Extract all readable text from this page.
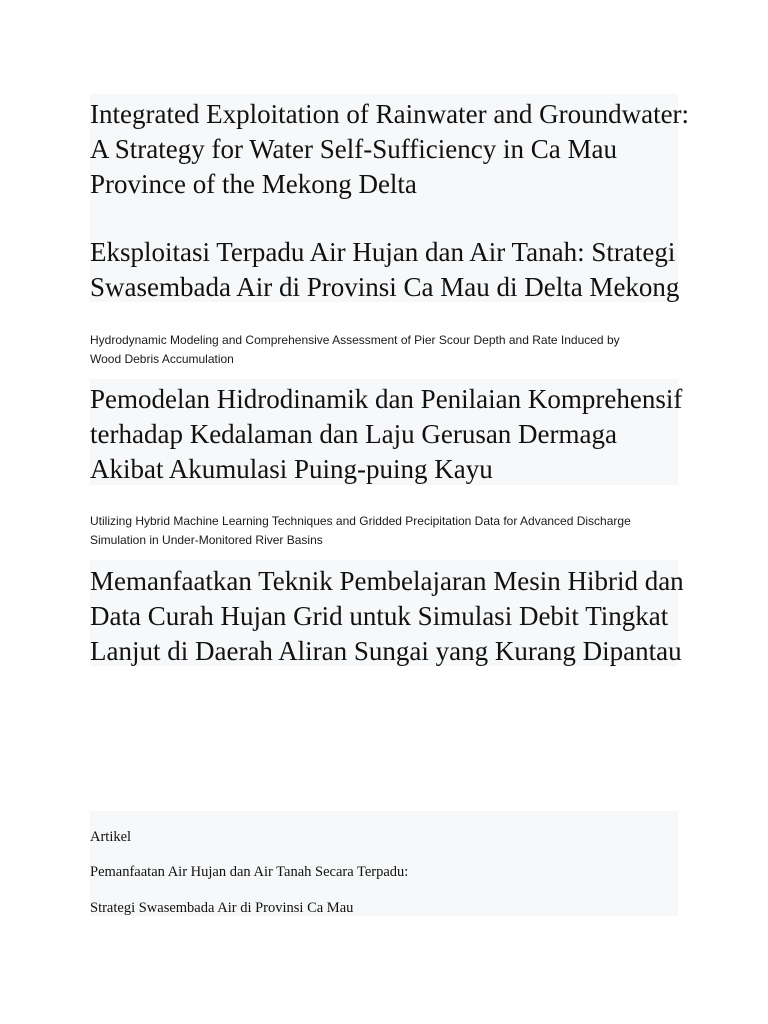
Integrated Exploitation of Rainwater and Groundwater:

A Strategy for Water Self-Sufficiency in Ca Mau

Province of the Mekong Delta

Eksploitasi Terpadu Air Hujan dan Air Tanah: Strategi

Swasembada Air di Provinsi Ca Mau di Delta Mekong

Hydrodynamic Modeling and Comprehensive Assessment of Pier Scour Depth and Rate Induced by

Wood Debris Accumulation

Pemodelan Hidrodinamik dan Penilaian Komprehensif

terhadap Kedalaman dan Laju Gerusan Dermaga

Akibat Akumulasi Puing-puing Kayu

Utilizing Hybrid Machine Learning Techniques and Gridded Precipitation Data for Advanced Discharge

Simulation in Under-Monitored River Basins

Memanfaatkan Teknik Pembelajaran Mesin Hibrid dan

Data Curah Hujan Grid untuk Simulasi Debit Tingkat

Lanjut di Daerah Aliran Sungai yang Kurang Dipantau

Artikel

Pemanfaatan Air Hujan dan Air Tanah Secara Terpadu:

Strategi Swasembada Air di Provinsi Ca Mau
